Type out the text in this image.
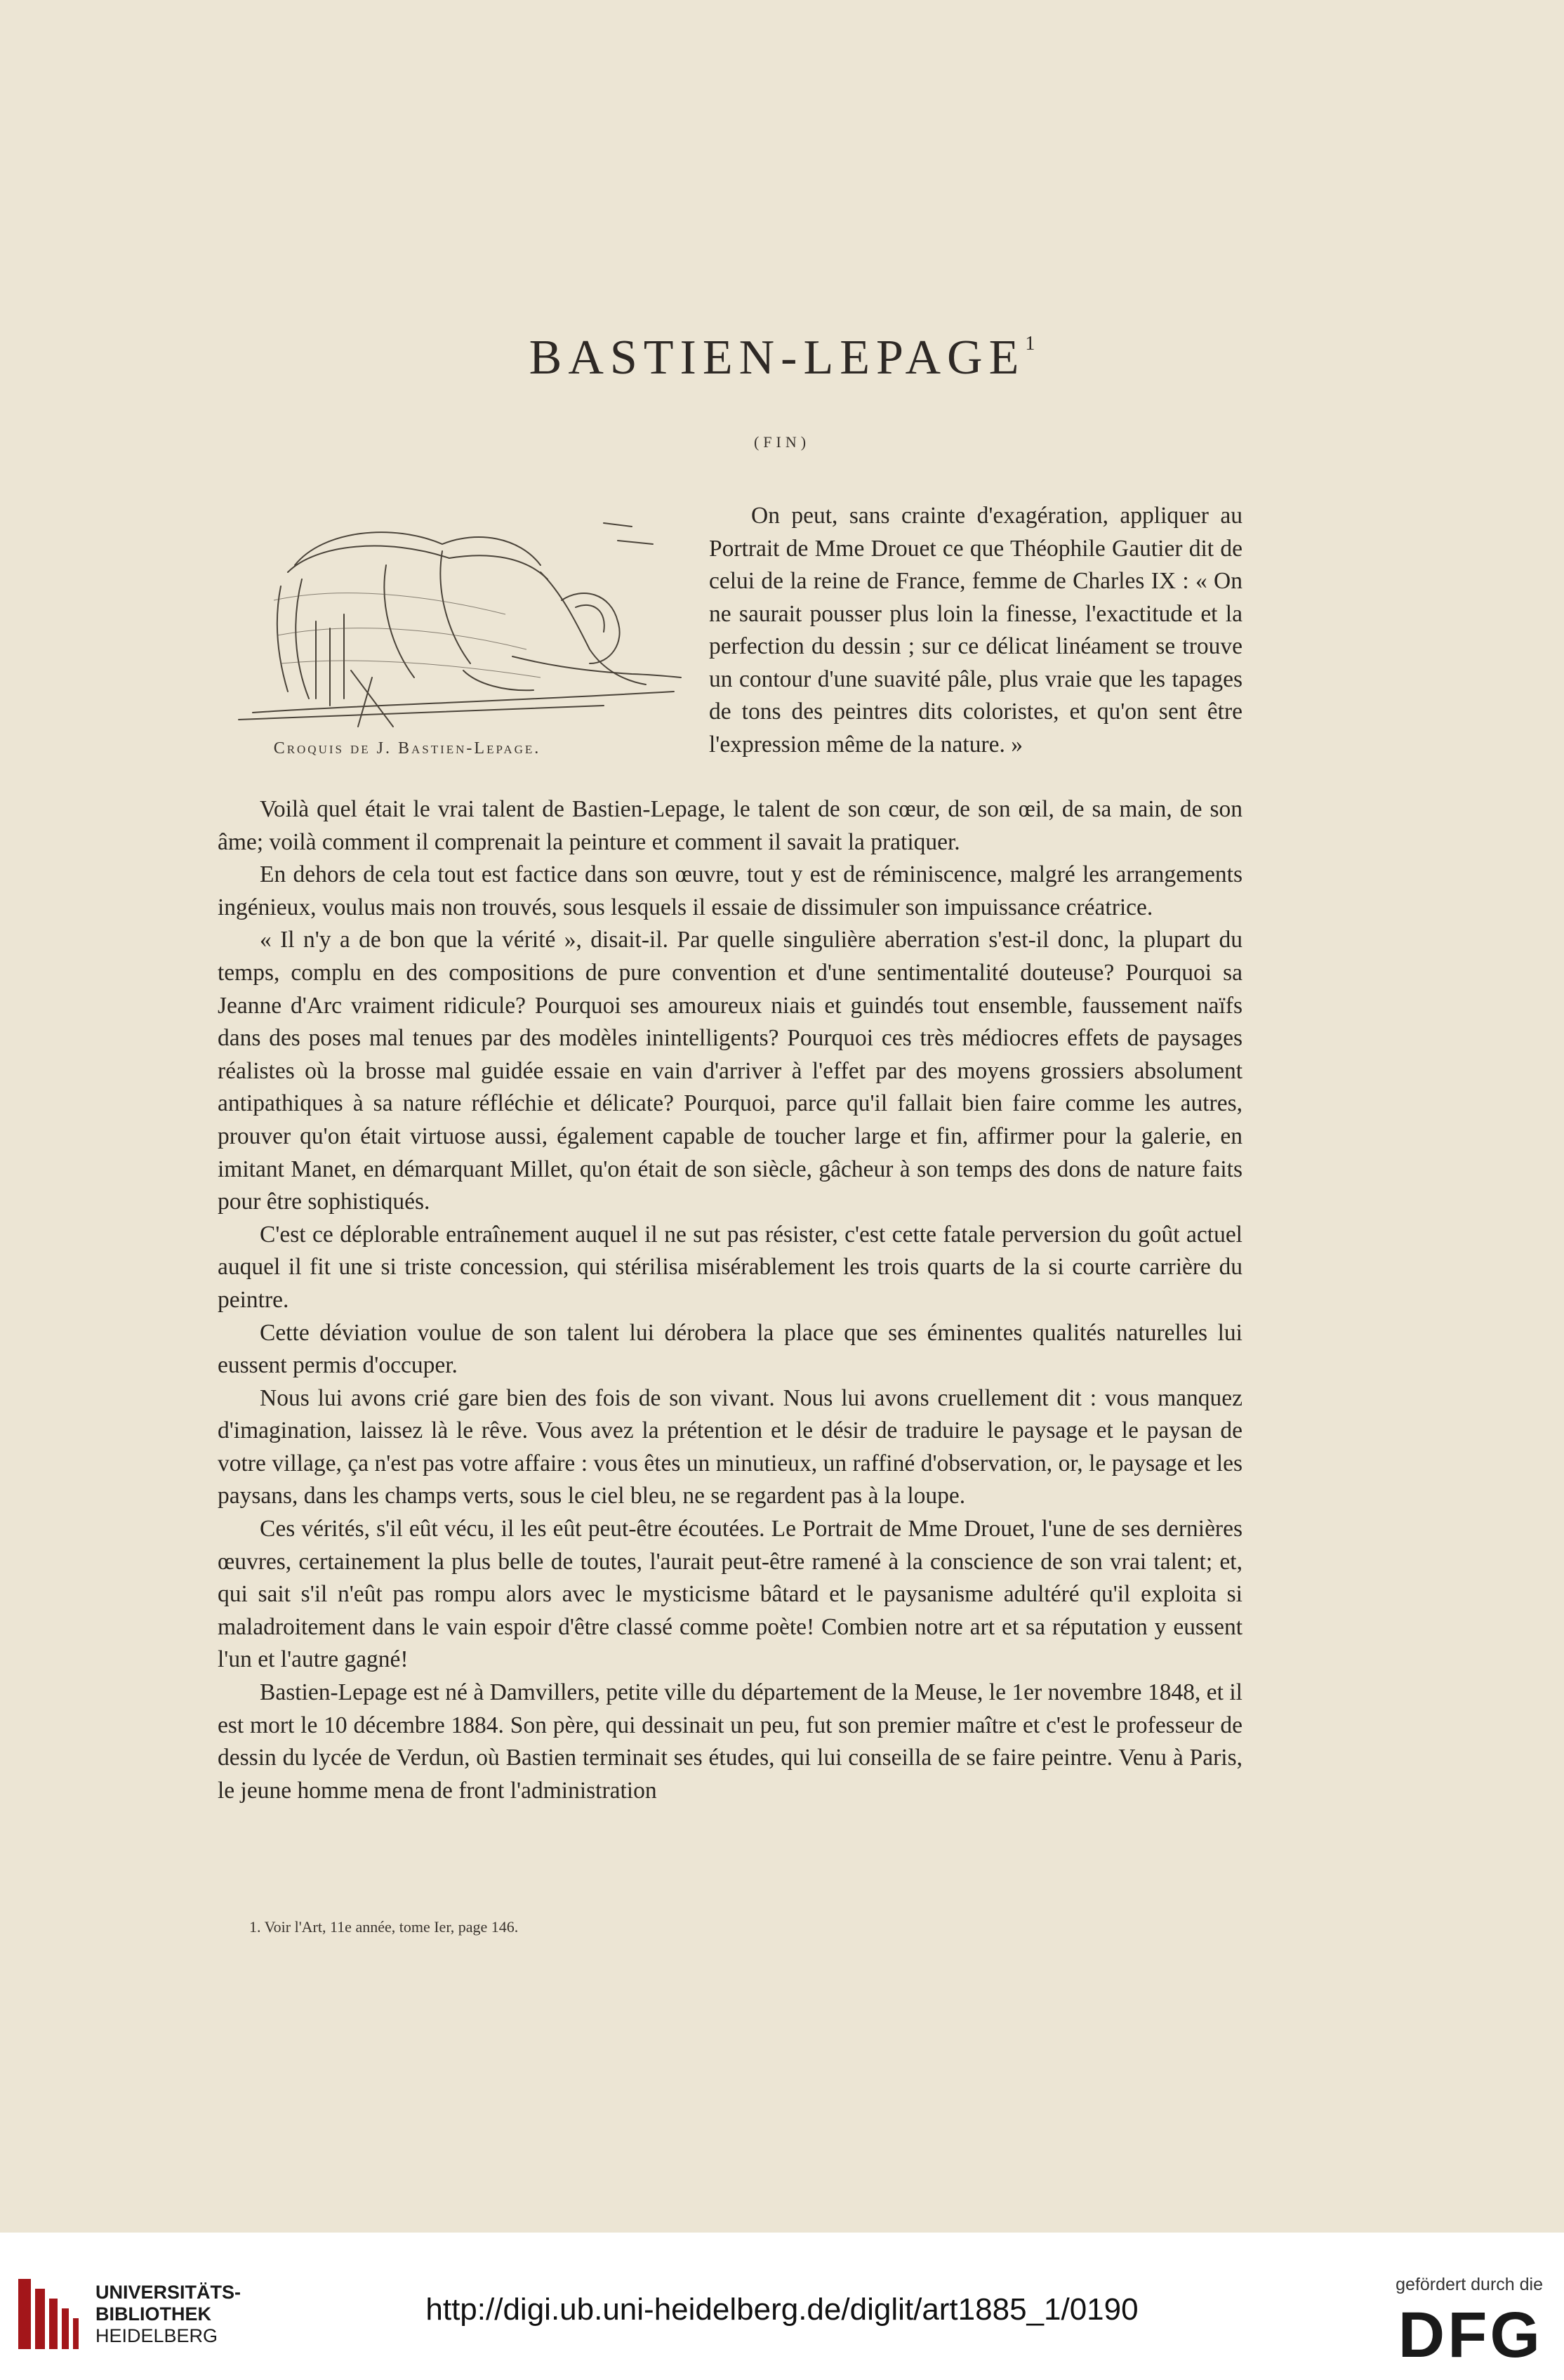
BASTIEN-LEPAGE$^1$
(FIN)
Croquis de J. Bastien-Lepage.

On peut, sans crainte d'exagération, appliquer au Portrait de Mme Drouet ce que Théophile Gautier dit de celui de la reine de France, femme de Charles IX : « On ne saurait pousser plus loin la finesse, l'exactitude et la perfection du dessin ; sur ce délicat linéament se trouve un contour d'une suavité pâle, plus vraie que les tapages de tons des peintres dits coloristes, et qu'on sent être l'expression même de la nature. »

Voilà quel était le vrai talent de Bastien-Lepage, le talent de son cœur, de son œil, de sa main, de son âme; voilà comment il comprenait la peinture et comment il savait la pratiquer.

En dehors de cela tout est factice dans son œuvre, tout y est de réminiscence, malgré les arrangements ingénieux, voulus mais non trouvés, sous lesquels il essaie de dissimuler son impuissance créatrice.

« Il n'y a de bon que la vérité », disait-il. Par quelle singulière aberration s'est-il donc, la plupart du temps, complu en des compositions de pure convention et d'une sentimentalité douteuse? Pourquoi sa Jeanne d'Arc vraiment ridicule? Pourquoi ses amoureux niais et guindés tout ensemble, faussement naïfs dans des poses mal tenues par des modèles inintelligents? Pourquoi ces très médiocres effets de paysages réalistes où la brosse mal guidée essaie en vain d'arriver à l'effet par des moyens grossiers absolument antipathiques à sa nature réfléchie et délicate? Pourquoi, parce qu'il fallait bien faire comme les autres, prouver qu'on était virtuose aussi, également capable de toucher large et fin, affirmer pour la galerie, en imitant Manet, en démarquant Millet, qu'on était de son siècle, gâcheur à son temps des dons de nature faits pour être sophistiqués.

C'est ce déplorable entraînement auquel il ne sut pas résister, c'est cette fatale perversion du goût actuel auquel il fit une si triste concession, qui stérilisa misérablement les trois quarts de la si courte carrière du peintre.

Cette déviation voulue de son talent lui dérobera la place que ses éminentes qualités naturelles lui eussent permis d'occuper.

Nous lui avons crié gare bien des fois de son vivant. Nous lui avons cruellement dit : vous manquez d'imagination, laissez là le rêve. Vous avez la prétention et le désir de traduire le paysage et le paysan de votre village, ça n'est pas votre affaire : vous êtes un minutieux, un raffiné d'observation, or, le paysage et les paysans, dans les champs verts, sous le ciel bleu, ne se regardent pas à la loupe.

Ces vérités, s'il eût vécu, il les eût peut-être écoutées. Le Portrait de Mme Drouet, l'une de ses dernières œuvres, certainement la plus belle de toutes, l'aurait peut-être ramené à la conscience de son vrai talent; et, qui sait s'il n'eût pas rompu alors avec le mysticisme bâtard et le paysanisme adultéré qu'il exploita si maladroitement dans le vain espoir d'être classé comme poète! Combien notre art et sa réputation y eussent l'un et l'autre gagné!

Bastien-Lepage est né à Damvillers, petite ville du département de la Meuse, le 1er novembre 1848, et il est mort le 10 décembre 1884. Son père, qui dessinait un peu, fut son premier maître et c'est le professeur de dessin du lycée de Verdun, où Bastien terminait ses études, qui lui conseilla de se faire peintre. Venu à Paris, le jeune homme mena de front l'administration

1. Voir l'Art, 11e année, tome Ier, page 146.
UNIVERSITÄTS-
BIBLIOTHEK
HEIDELBERG
http://digi.ub.uni-heidelberg.de/diglit/art1885_1/0190
gefördert durch die
DFG
